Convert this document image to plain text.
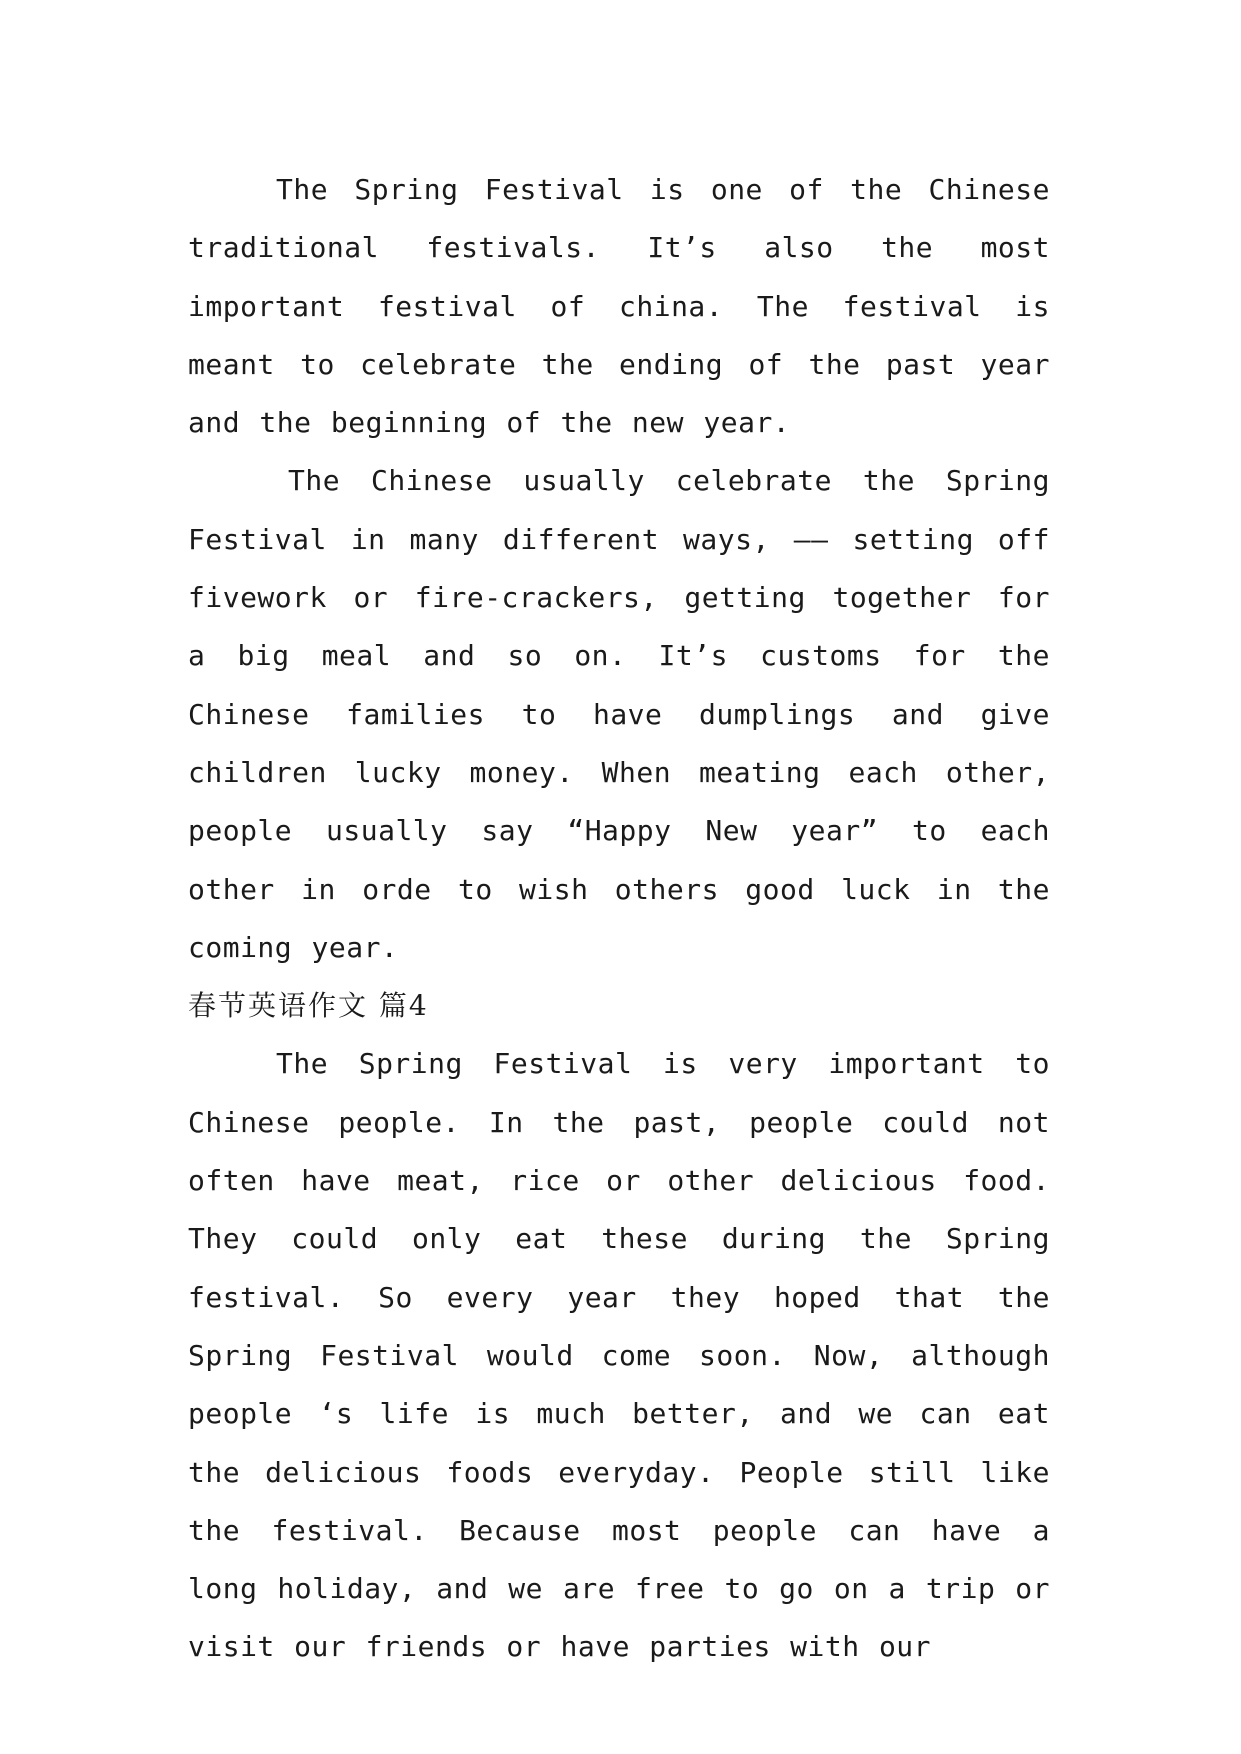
The Spring Festival is one of the Chinese traditional festivals. It’s also the most important festival of china. The festival is meant to celebrate the ending of the past year and the beginning of the new year.

The Chinese usually celebrate the Spring Festival in many different ways, —— setting off fivework or fire-crackers, getting together for a big meal and so on. It’s customs for the Chinese families to have dumplings and give children lucky money. When meating each other, people usually say “Happy New year” to each other in orde to wish others good luck in the coming year.

春节英语作文 篇4

The Spring Festival is very important to Chinese people. In the past, people could not often have meat, rice or other delicious food. They could only eat these during the Spring festival. So every year they hoped that the Spring Festival would come soon. Now, although people ‘s life is much better, and we can eat the delicious foods everyday. People still like the festival. Because most people can have a long holiday, and we are free to go on a trip or visit our friends or have parties with our
